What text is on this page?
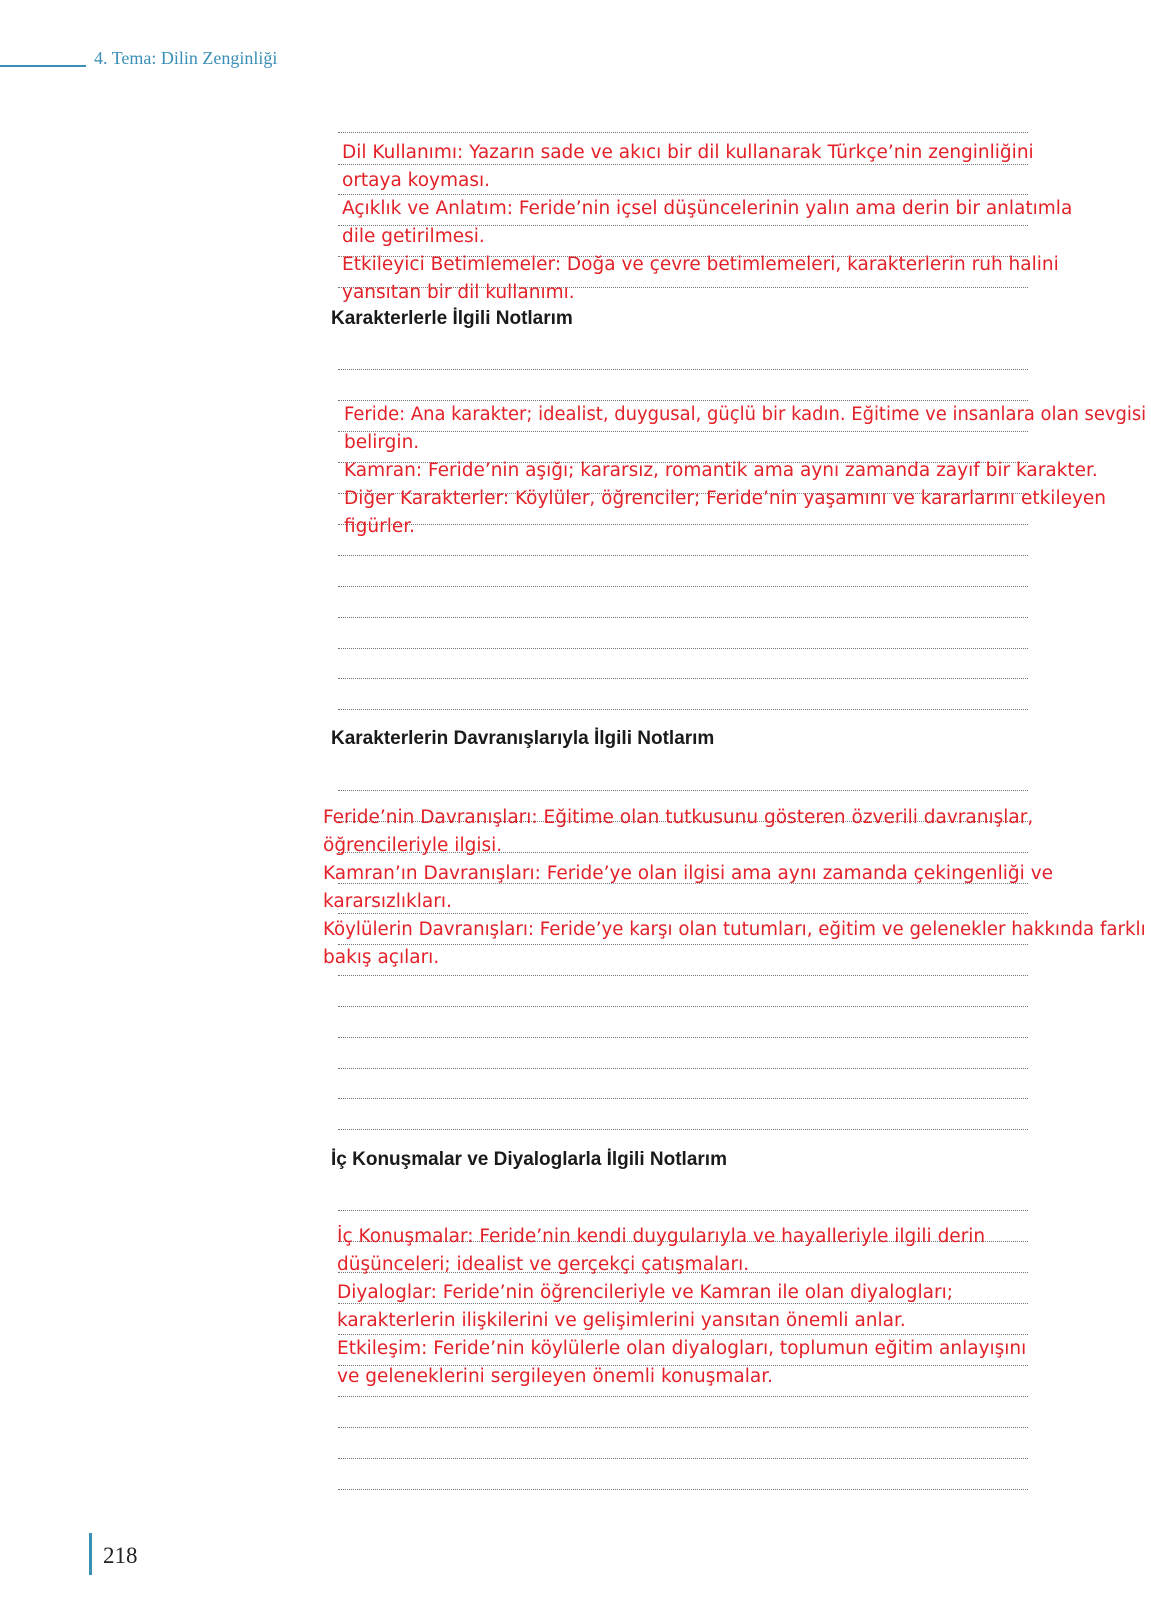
4. Tema: Dilin Zenginliği
Dil Kullanımı: Yazarın sade ve akıcı bir dil kullanarak Türkçe’nin zenginliğini
ortaya koyması.
Açıklık ve Anlatım: Feride’nin içsel düşüncelerinin yalın ama derin bir anlatımla
dile getirilmesi.
Etkileyici Betimlemeler: Doğa ve çevre betimlemeleri, karakterlerin ruh halini
yansıtan bir dil kullanımı.
Karakterlerle İlgili Notlarım
Feride: Ana karakter; idealist, duygusal, güçlü bir kadın. Eğitime ve insanlara olan sevgisi
belirgin.
Kamran: Feride’nin aşığı; kararsız, romantik ama aynı zamanda zayıf bir karakter.
Diğer Karakterler: Köylüler, öğrenciler; Feride’nin yaşamını ve kararlarını etkileyen
figürler.
Karakterlerin Davranışlarıyla İlgili Notlarım
Feride’nin Davranışları: Eğitime olan tutkusunu gösteren özverili davranışlar,
öğrencileriyle ilgisi.
Kamran’ın Davranışları: Feride’ye olan ilgisi ama aynı zamanda çekingenliği ve
kararsızlıkları.
Köylülerin Davranışları: Feride’ye karşı olan tutumları, eğitim ve gelenekler hakkında farklı
bakış açıları.
İç Konuşmalar ve Diyaloglarla İlgili Notlarım
İç Konuşmalar: Feride’nin kendi duygularıyla ve hayalleriyle ilgili derin
düşünceleri; idealist ve gerçekçi çatışmaları.
Diyaloglar: Feride’nin öğrencileriyle ve Kamran ile olan diyalogları;
karakterlerin ilişkilerini ve gelişimlerini yansıtan önemli anlar.
Etkileşim: Feride’nin köylülerle olan diyalogları, toplumun eğitim anlayışını
ve geleneklerini sergileyen önemli konuşmalar.
218
